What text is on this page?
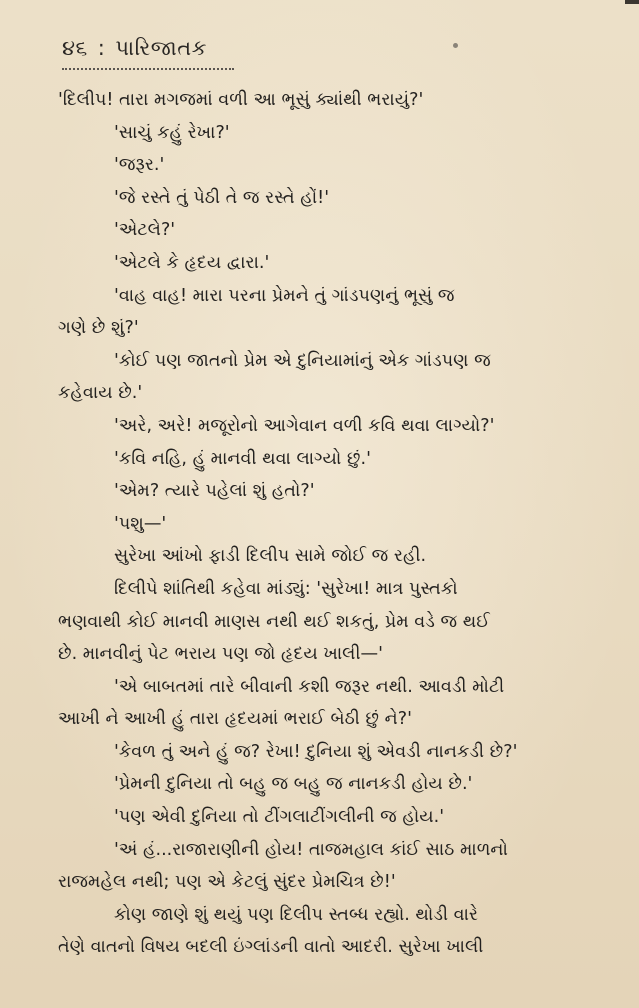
૪૬ : પારિજાતક
'દિલીપ! તારા મગજમાં વળી આ ભૂસું ક્યાંથી ભરાયું?'
'સાચું કહું રેખા?'
'જરૂર.'
'જે રસ્તે તું પેઠી તે જ રસ્તે હોં!'
'એટલે?'
'એટલે કે હૃદય દ્વારા.'
'વાહ વાહ! મારા પરના પ્રેમને તું ગાંડપણનું ભૂસું જ
ગણે છે શું?'
'કોઈ પણ જાતનો પ્રેમ એ દુનિયામાંનું એક ગાંડપણ જ
કહેવાય છે.'
'અરે, અરે! મજૂરોનો આગેવાન વળી કવિ થવા લાગ્યો?'
'કવિ નહિ, હું માનવી થવા લાગ્યો છું.'
'એમ? ત્યારે પહેલાં શું હતો?'
'પશુ—'
સુરેખા આંખો ફાડી દિલીપ સામે જોઈ જ રહી.
દિલીપે શાંતિથી કહેવા માંડ્યું: 'સુરેખા! માત્ર પુસ્તકો
ભણવાથી કોઈ માનવી માણસ નથી થઈ શકતું, પ્રેમ વડે જ થઈ
છે. માનવીનું પેટ ભરાય પણ જો હૃદય ખાલી—'
'એ બાબતમાં તારે બીવાની કશી જરૂર નથી. આવડી મોટી
આખી ને આખી હું તારા હૃદયમાં ભરાઈ બેઠી છું ને?'
'કેવળ તું અને હું જ? રેખા! દુનિયા શું એવડી નાનકડી છે?'
'પ્રેમની દુનિયા તો બહુ જ બહુ જ નાનકડી હોય છે.'
'પણ એવી દુનિયા તો ટીંગલાટીંગલીની જ હોય.'
'અં હં...રાજારાણીની હોય! તાજમહાલ કાંઈ સાઠ માળનો
રાજમહેલ નથી; પણ એ કેટલું સુંદર પ્રેમચિત્ર છે!'
કોણ જાણે શું થયું પણ દિલીપ સ્તબ્ધ રહ્યો. થોડી વારે
તેણે વાતનો વિષય બદલી ઇંગ્લાંડની વાતો આદરી. સુરેખા ખાલી
